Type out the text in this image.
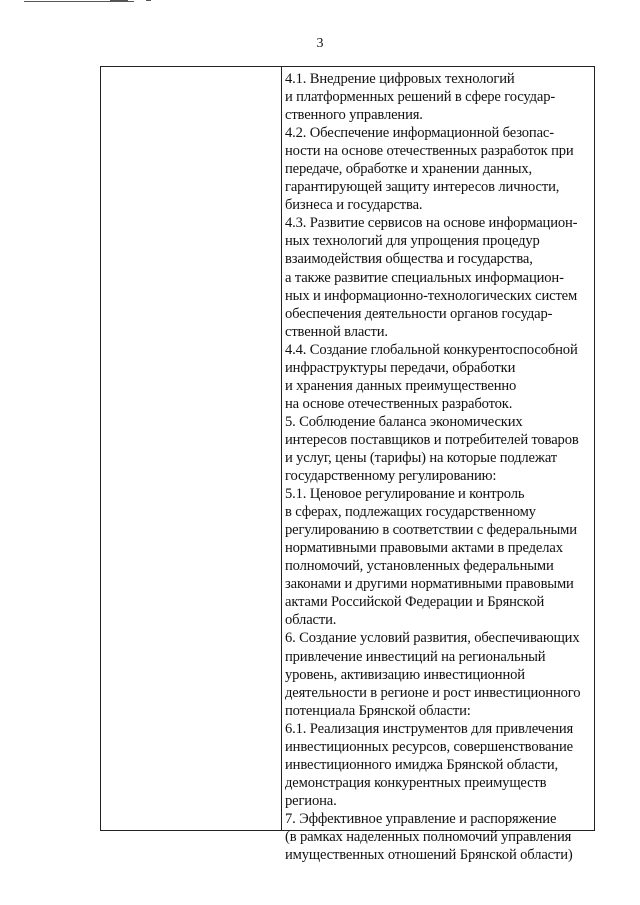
3
4.1. Внедрение цифровых технологий
и платформенных решений в сфере государ-
ственного управления.
4.2. Обеспечение информационной безопас-
ности на основе отечественных разработок при
передаче, обработке и хранении данных,
гарантирующей защиту интересов личности,
бизнеса и государства.
4.3. Развитие сервисов на основе информацион-
ных технологий для упрощения процедур
взаимодействия общества и государства,
а также развитие специальных информацион-
ных и информационно-технологических систем
обеспечения деятельности органов государ-
ственной власти.
4.4. Создание глобальной конкурентоспособной
инфраструктуры передачи, обработки
и хранения данных преимущественно
на основе отечественных разработок.
5. Соблюдение баланса экономических
интересов поставщиков и потребителей товаров
и услуг, цены (тарифы) на которые подлежат
государственному регулированию:
5.1. Ценовое регулирование и контроль
в сферах, подлежащих государственному
регулированию в соответствии с федеральными
нормативными правовыми актами в пределах
полномочий, установленных федеральными
законами и другими нормативными правовыми
актами Российской Федерации и Брянской
области.
6. Создание условий развития, обеспечивающих
привлечение инвестиций на региональный
уровень, активизацию инвестиционной
деятельности в регионе и рост инвестиционного
потенциала Брянской области:
6.1. Реализация инструментов для привлечения
инвестиционных ресурсов, совершенствование
инвестиционного имиджа Брянской области,
демонстрация конкурентных преимуществ
региона.
7. Эффективное управление и распоряжение
(в рамках наделенных полномочий управления
имущественных отношений Брянской области)
